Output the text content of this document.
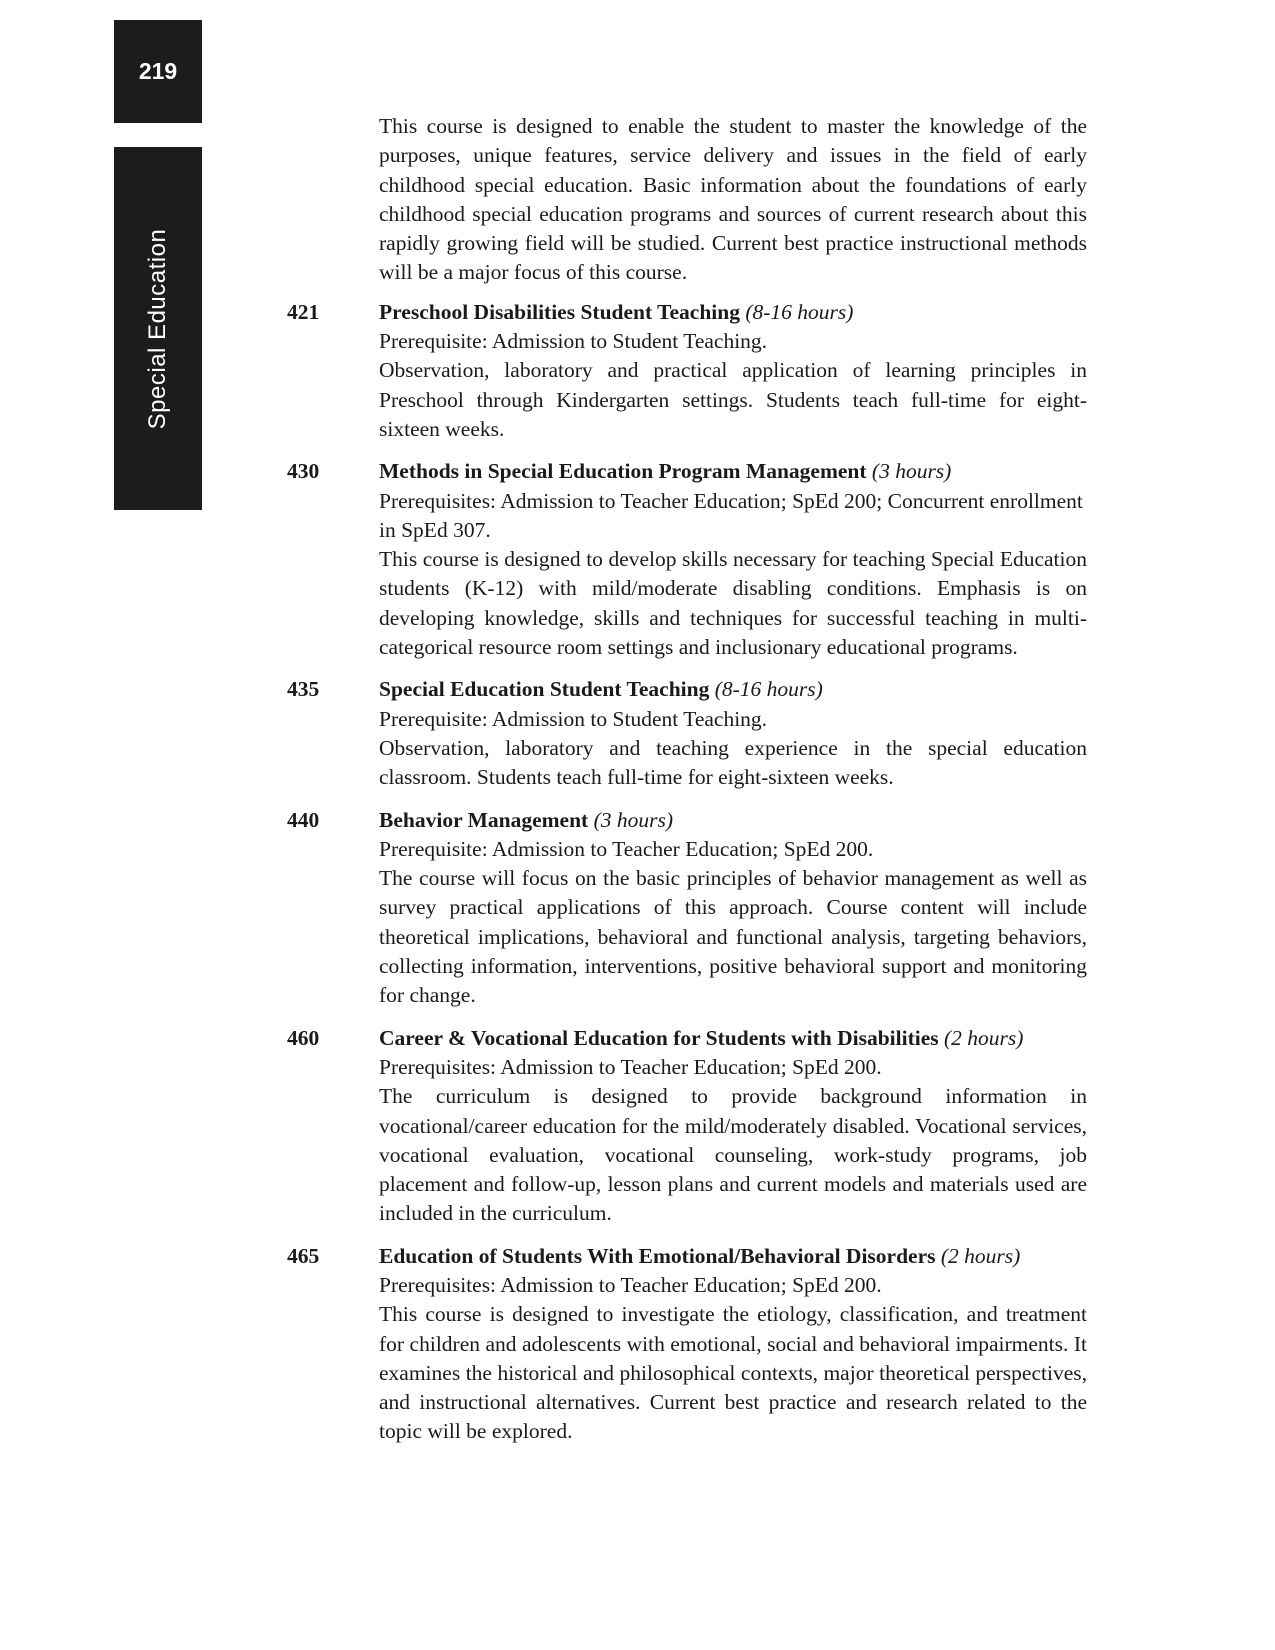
219
Special Education
This course is designed to enable the student to master the knowledge of the purposes, unique features, service delivery and issues in the field of early childhood special education. Basic information about the foundations of early childhood special education programs and sources of current research about this rapidly growing field will be studied. Current best practice instructional methods will be a major focus of this course.
421	Preschool Disabilities Student Teaching (8-16 hours)
Prerequisite: Admission to Student Teaching.
Observation, laboratory and practical application of learning principles in Preschool through Kindergarten settings. Students teach full-time for eight-sixteen weeks.
430	Methods in Special Education Program Management (3 hours)
Prerequisites: Admission to Teacher Education; SpEd 200; Concurrent enrollment in SpEd 307.
This course is designed to develop skills necessary for teaching Special Education students (K-12) with mild/moderate disabling conditions. Emphasis is on developing knowledge, skills and techniques for successful teaching in multi-categorical resource room settings and inclusionary educational programs.
435	Special Education Student Teaching (8-16 hours)
Prerequisite: Admission to Student Teaching.
Observation, laboratory and teaching experience in the special education classroom. Students teach full-time for eight-sixteen weeks.
440	Behavior Management (3 hours)
Prerequisite: Admission to Teacher Education; SpEd 200.
The course will focus on the basic principles of behavior management as well as survey practical applications of this approach. Course content will include theoretical implications, behavioral and functional analysis, targeting behaviors, collecting information, interventions, positive behavioral support and monitoring for change.
460	Career & Vocational Education for Students with Disabilities (2 hours)
Prerequisites: Admission to Teacher Education; SpEd 200.
The curriculum is designed to provide background information in vocational/career education for the mild/moderately disabled. Vocational services, vocational evaluation, vocational counseling, work-study programs, job placement and follow-up, lesson plans and current models and materials used are included in the curriculum.
465	Education of Students With Emotional/Behavioral Disorders (2 hours)
Prerequisites: Admission to Teacher Education; SpEd 200.
This course is designed to investigate the etiology, classification, and treatment for children and adolescents with emotional, social and behavioral impairments. It examines the historical and philosophical contexts, major theoretical perspectives, and instructional alternatives. Current best practice and research related to the topic will be explored.
